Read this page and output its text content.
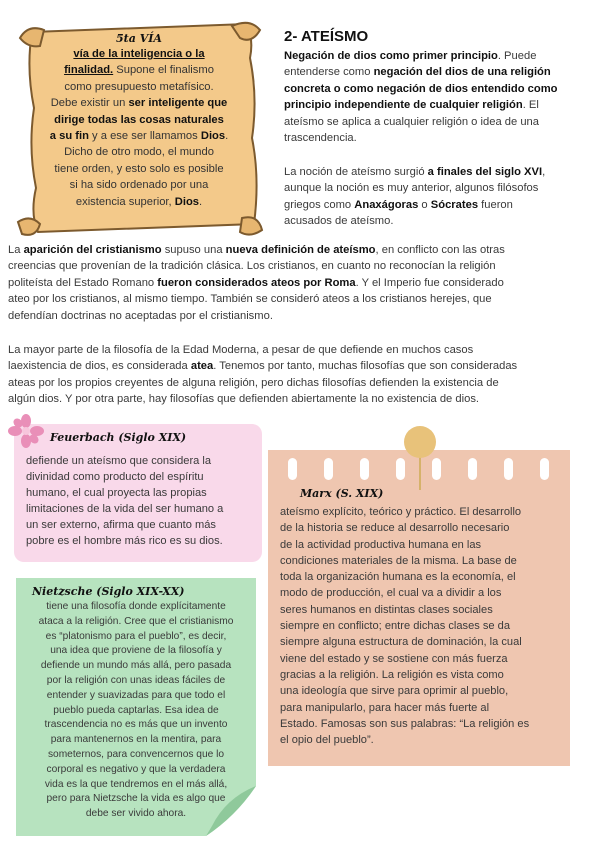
5ta VÍA
vía de la inteligencia o la
finalidad. Supone el finalismo
como presupuesto metafísico.
Debe existir un ser inteligente que
dirige todas las cosas naturales
a su fin y a ese ser llamamos Dios.
Dicho de otro modo, el mundo
tiene orden, y esto solo es posible
si ha sido ordenado por una
existencia superior, Dios.
2- ATEÍSMO
Negación de dios como primer principio. Puede
entenderse como negación del dios de una religión
concreta o como negación de dios entendido como
principio independiente de cualquier religión. El
ateísmo se aplica a cualquier religión o idea de una
trascendencia.
La noción de ateísmo surgió a finales del siglo XVI,
aunque la noción es muy anterior, algunos filósofos
griegos como Anaxágoras o Sócrates fueron
acusados de ateísmo.
La aparición del cristianismo supuso una nueva definición de ateísmo, en conflicto con las otras
creencias que provenían de la tradición clásica. Los cristianos, en cuanto no reconocían la religión
politeísta del Estado Romano fueron considerados ateos por Roma. Y el Imperio fue considerado
ateo por los cristianos, al mismo tiempo. También se consideró ateos a los cristianos herejes, que
defendían doctrinas no aceptadas por el cristianismo.
La mayor parte de la filosofía de la Edad Moderna, a pesar de que defiende en muchos casos
laexistencia de dios, es considerada atea. Tenemos por tanto, muchas filosofías que son consideradas
ateas por los propios creyentes de alguna religión, pero dichas filosofías defienden la existencia de
algún dios. Y por otra parte, hay filosofías que defienden abiertamente la no existencia de dios.
Feuerbach (Siglo XIX)
defiende un ateísmo que considera la
divinidad como producto del espíritu
humano, el cual proyecta las propias
limitaciones de la vida del ser humano a
un ser externo, afirma que cuanto más
pobre es el hombre más rico es su dios.
Marx (S. XIX)
ateísmo explícito, teórico y práctico. El desarrollo
de la historia se reduce al desarrollo necesario
de la actividad productiva humana en las
condiciones materiales de la misma. La base de
toda la organización humana es la economía, el
modo de producción, el cual va a dividir a los
seres humanos en distintas clases sociales
siempre en conflicto; entre dichas clases se da
siempre alguna estructura de dominación, la cual
viene del estado y se sostiene con más fuerza
gracias a la religión. La religión es vista como
una ideología que sirve para oprimir al pueblo,
para manipularlo, para hacer más fuerte al
Estado. Famosas son sus palabras: “La religión es
el opio del pueblo”.
Nietzsche (Siglo XIX-XX)
tiene una filosofía donde explícitamente
ataca a la religión. Cree que el cristianismo
es “platonismo para el pueblo”, es decir,
una idea que proviene de la filosofía y
defiende un mundo más allá, pero pasada
por la religión con unas ideas fáciles de
entender y suavizadas para que todo el
pueblo pueda captarlas. Esa idea de
trascendencia no es más que un invento
para mantenernos en la mentira, para
someternos, para convencernos que lo
corporal es negativo y que la verdadera
vida es la que tendremos en el más allá,
pero para Nietzsche la vida es algo que
debe ser vivido ahora.
